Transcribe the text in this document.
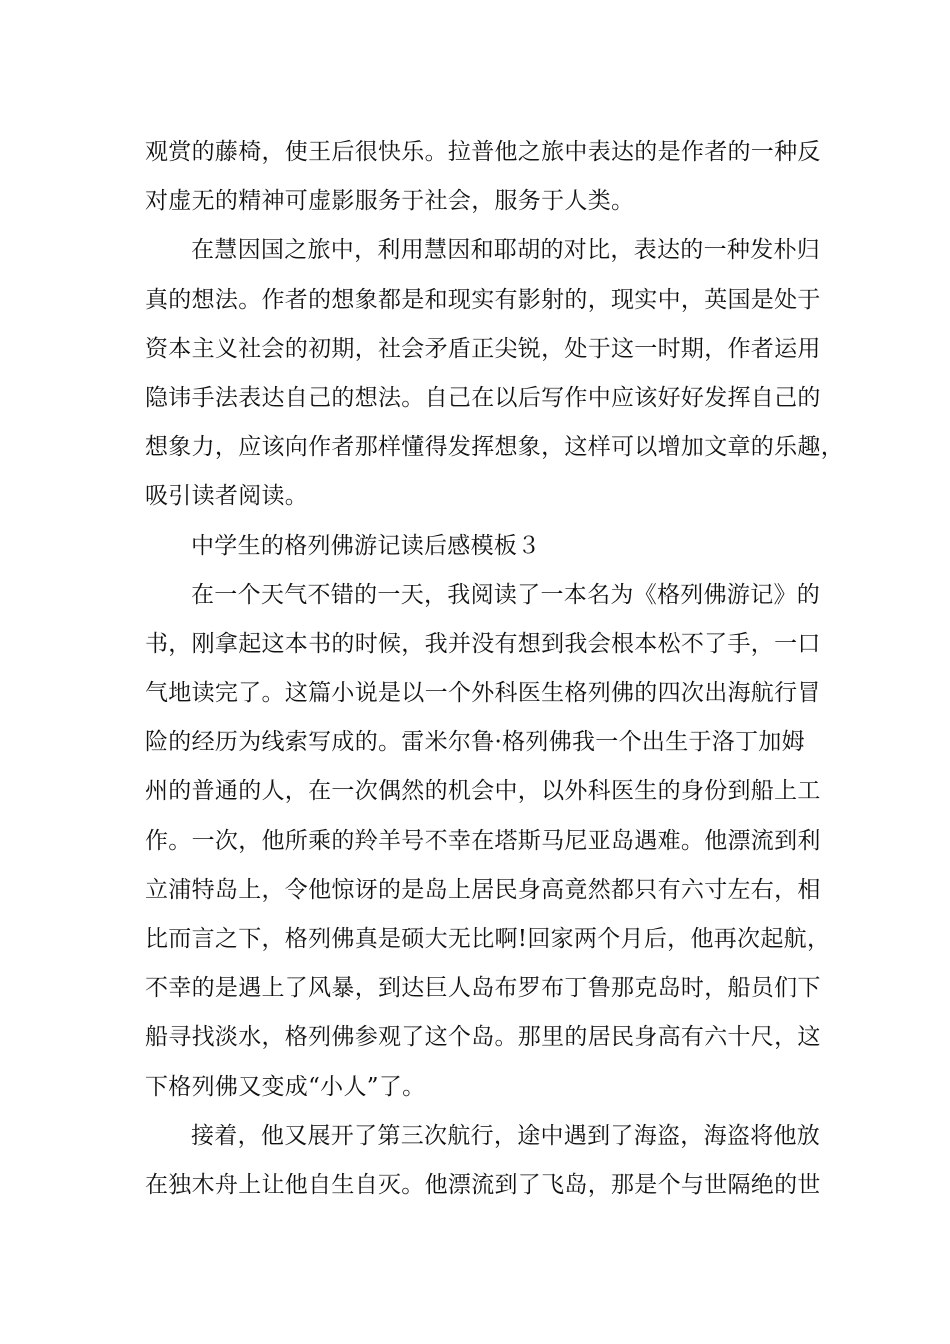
观赏的藤椅，使王后很快乐。拉普他之旅中表达的是作者的一种反
对虚无的精神可虚影服务于社会，服务于人类。
在慧因国之旅中，利用慧因和耶胡的对比，表达的一种发朴归
真的想法。作者的想象都是和现实有影射的，现实中，英国是处于
资本主义社会的初期，社会矛盾正尖锐，处于这一时期，作者运用
隐讳手法表达自己的想法。自己在以后写作中应该好好发挥自己的
想象力，应该向作者那样懂得发挥想象，这样可以增加文章的乐趣，
吸引读者阅读。
中学生的格列佛游记读后感模板３
在一个天气不错的一天，我阅读了一本名为《格列佛游记》的
书，刚拿起这本书的时候，我并没有想到我会根本松不了手，一口
气地读完了。这篇小说是以一个外科医生格列佛的四次出海航行冒
险的经历为线索写成的。雷米尔鲁·格列佛我一个出生于洛丁加姆
州的普通的人，在一次偶然的机会中，以外科医生的身份到船上工
作。一次，他所乘的羚羊号不幸在塔斯马尼亚岛遇难。他漂流到利
立浦特岛上，令他惊讶的是岛上居民身高竟然都只有六寸左右，相
比而言之下，格列佛真是硕大无比啊!回家两个月后，他再次起航，
不幸的是遇上了风暴，到达巨人岛布罗布丁鲁那克岛时，船员们下
船寻找淡水，格列佛参观了这个岛。那里的居民身高有六十尺，这
下格列佛又变成“小人”了。
接着，他又展开了第三次航行，途中遇到了海盗，海盗将他放
在独木舟上让他自生自灭。他漂流到了飞岛，那是个与世隔绝的世
